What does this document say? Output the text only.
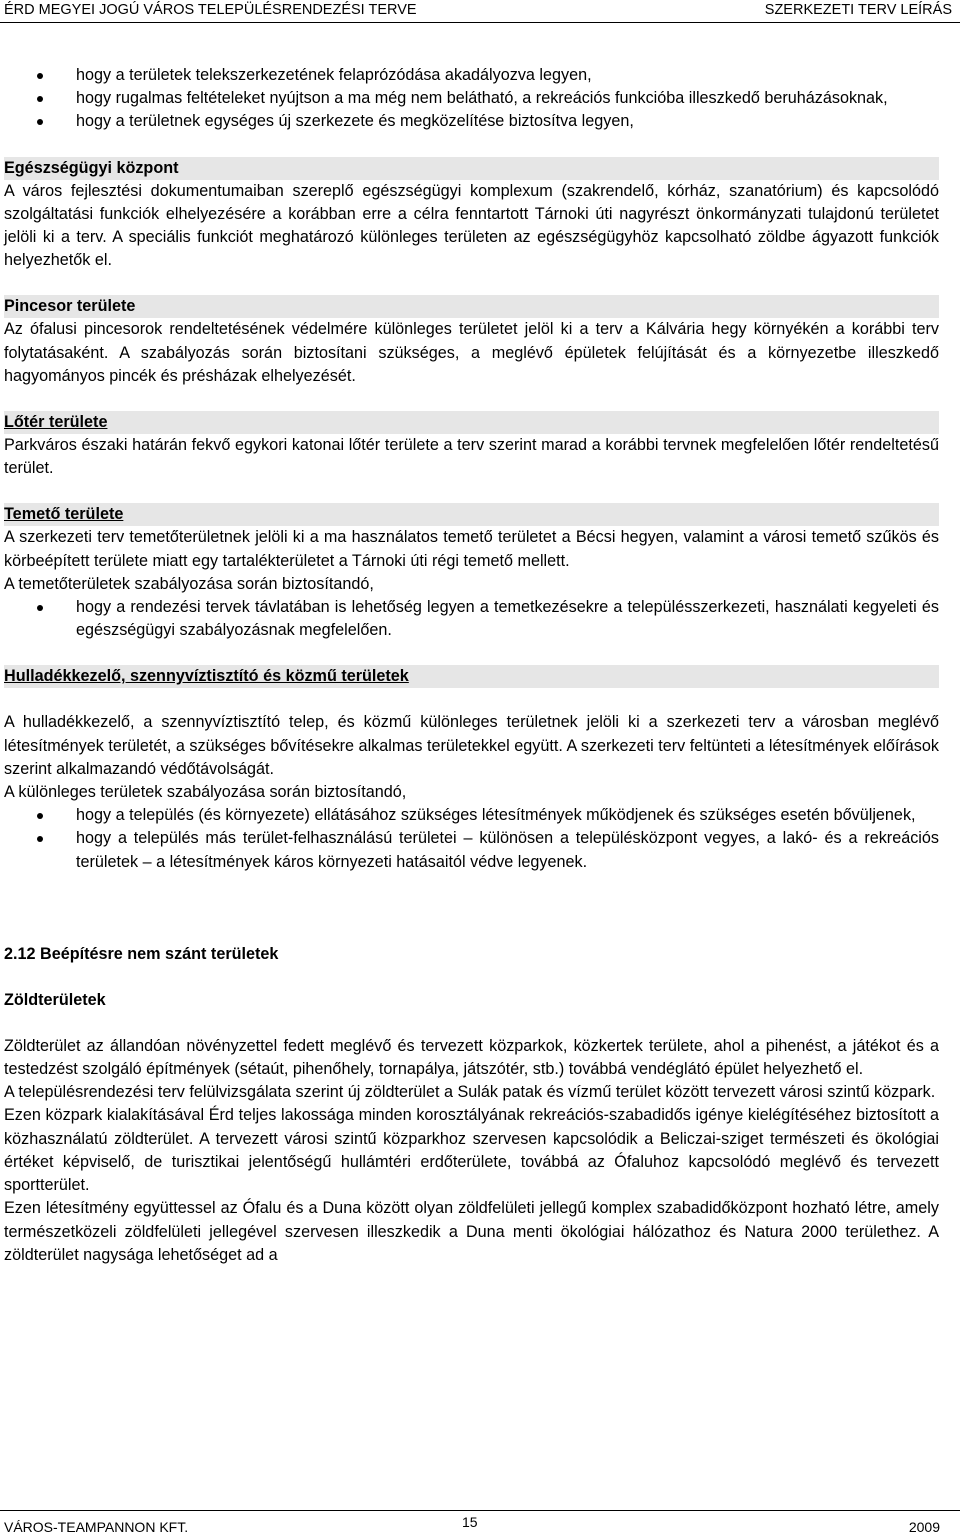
ÉRD MEGYEI JOGÚ VÁROS TELEPÜLÉSRENDEZÉSI TERVE	SZERKEZETI TERV LEÍRÁS
hogy a területek telekszerkezetének felaprózódása akadályozva legyen,
hogy rugalmas feltételeket nyújtson a ma még nem belátható, a rekreációs funkcióba illeszkedő beruházásoknak,
hogy a területnek egységes új szerkezete és megközelítése biztosítva legyen,
Egészségügyi központ

A város fejlesztési dokumentumaiban szereplő egészségügyi komplexum (szakrendelő, kórház, szanatórium) és kapcsolódó szolgáltatási funkciók elhelyezésére a korábban erre a célra fenntartott Tárnoki úti nagyrészt önkormányzati tulajdonú területet jelöli ki a terv. A speciális funkciót meghatározó különleges területen az egészségügyhöz kapcsolható zöldbe ágyazott funkciók helyezhetők el.

Pincesor területe

Az ófalusi pincesorok rendeltetésének védelmére különleges területet jelöl ki a terv a Kálvária hegy környékén a korábbi terv folytatásaként. A szabályozás során biztosítani szükséges, a meglévő épületek felújítását és a környezetbe illeszkedő hagyományos pincék és présházak elhelyezését.

Lőtér területe

Parkváros északi határán fekvő egykori katonai lőtér területe a terv szerint marad a korábbi tervnek megfelelően lőtér rendeltetésű terület.

Temető területe

A szerkezeti terv temetőterületnek jelöli ki a ma használatos temető területet a Bécsi hegyen, valamint a városi temető szűkös és körbeépített területe miatt egy tartalékterületet a Tárnoki úti régi temető mellett.

A temetőterületek szabályozása során biztosítandó,

hogy a rendezési tervek távlatában is lehetőség legyen a temetkezésekre a településszerkezeti, használati kegyeleti és egészségügyi szabályozásnak megfelelően.
Hulladékkezelő, szennyvíztisztító és közmű területek

A hulladékkezelő, a szennyvíztisztító telep, és közmű különleges területnek jelöli ki a szerkezeti terv a városban meglévő létesítmények területét, a szükséges bővítésekre alkalmas területekkel együtt. A szerkezeti terv feltünteti a létesítmények előírások szerint alkalmazandó védőtávolságát.

A különleges területek szabályozása során biztosítandó,

hogy a település (és környezete) ellátásához szükséges létesítmények működjenek és szükséges esetén bővüljenek,
hogy a település más terület-felhasználású területei – különösen a településközpont vegyes, a lakó- és a rekreációs területek – a létesítmények káros környezeti hatásaitól védve legyenek.
2.12 Beépítésre nem szánt területek
Zöldterületek

Zöldterület az állandóan növényzettel fedett meglévő és tervezett közparkok, közkertek területe, ahol a pihenést, a játékot és a testedzést szolgáló építmények (sétaút, pihenőhely, tornapálya, játszótér, stb.) továbbá vendéglátó épület helyezhető el.

A településrendezési terv felülvizsgálata szerint új zöldterület a Sulák patak és vízmű terület között tervezett városi szintű közpark.

Ezen közpark kialakításával Érd teljes lakossága minden korosztályának rekreációs-szabadidős igénye kielégítéséhez biztosított a közhasználatú zöldterület. A tervezett városi szintű közparkhoz szervesen kapcsolódik a Beliczai-sziget természeti és ökológiai értéket képviselő, de turisztikai jelentőségű hullámtéri erdőterülete, továbbá az Ófaluhoz kapcsolódó meglévő és tervezett sportterület.

Ezen létesítmény együttessel az Ófalu és a Duna között olyan zöldfelületi jellegű komplex szabadidőközpont hozható létre, amely természetközeli zöldfelületi jellegével szervesen illeszkedik a Duna menti ökológiai hálózathoz és Natura 2000 területhez. A zöldterület nagysága lehetőséget ad a

VÁROS-TEAMPANNON KFT.	15	2009
